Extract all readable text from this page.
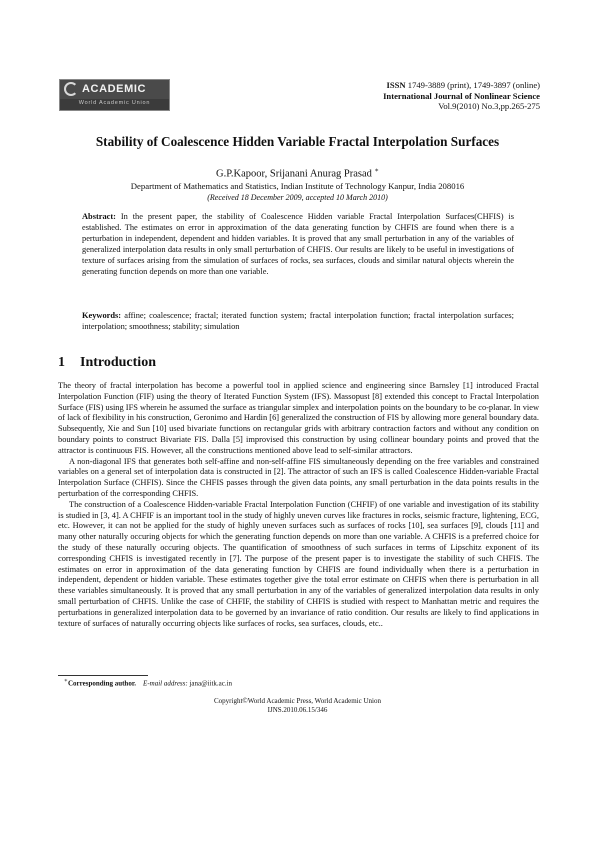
ACADEMIC
World Academic Union
ISSN 1749-3889 (print), 1749-3897 (online)
International Journal of Nonlinear Science
Vol.9(2010) No.3,pp.265-275
Stability of Coalescence Hidden Variable Fractal Interpolation Surfaces
G.P.Kapoor, Srijanani Anurag Prasad ∗
Department of Mathematics and Statistics, Indian Institute of Technology Kanpur, India 208016
(Received 18 December 2009, accepted 10 March 2010)
Abstract: In the present paper, the stability of Coalescence Hidden variable Fractal Interpolation Surfaces(CHFIS) is established. The estimates on error in approximation of the data generating function by CHFIS are found when there is a perturbation in independent, dependent and hidden variables. It is proved that any small perturbation in any of the variables of generalized interpolation data results in only small perturbation of CHFIS. Our results are likely to be useful in investigations of texture of surfaces arising from the simulation of surfaces of rocks, sea surfaces, clouds and similar natural objects wherein the generating function depends on more than one variable.
Keywords: affine; coalescence; fractal; iterated function system; fractal interpolation function; fractal interpolation surfaces; interpolation; smoothness; stability; simulation
1 Introduction

The theory of fractal interpolation has become a powerful tool in applied science and engineering since Barnsley [1] introduced Fractal Interpolation Function (FIF) using the theory of Iterated Function System (IFS). Massopust [8] extended this concept to Fractal Interpolation Surface (FIS) using IFS wherein he assumed the surface as triangular simplex and interpolation points on the boundary to be co-planar. In view of lack of flexibility in his construction, Geronimo and Hardin [6] generalized the construction of FIS by allowing more general boundary data. Subsequently, Xie and Sun [10] used bivariate functions on rectangular grids with arbitrary contraction factors and without any condition on boundary points to construct Bivariate FIS. Dalla [5] improvised this construction by using collinear boundary points and proved that the attractor is continuous FIS. However, all the constructions mentioned above lead to self-similar attractors.

A non-diagonal IFS that generates both self-affine and non-self-affine FIS simultaneously depending on the free variables and constrained variables on a general set of interpolation data is constructed in [2]. The attractor of such an IFS is called Coalescence Hidden-variable Fractal Interpolation Surface (CHFIS). Since the CHFIS passes through the given data points, any small perturbation in the data points results in the perturbation of the corresponding CHFIS.

The construction of a Coalescence Hidden-variable Fractal Interpolation Function (CHFIF) of one variable and investigation of its stability is studied in [3, 4]. A CHFIF is an important tool in the study of highly uneven curves like fractures in rocks, seismic fracture, lightening, ECG, etc. However, it can not be applied for the study of highly uneven surfaces such as surfaces of rocks [10], sea surfaces [9], clouds [11] and many other naturally occuring objects for which the generating function depends on more than one variable. A CHFIS is a preferred choice for the study of these naturally occuring objects. The quantification of smoothness of such surfaces in terms of Lipschitz exponent of its corresponding CHFIS is investigated recently in [7]. The purpose of the present paper is to investigate the stability of such CHFIS. The estimates on error in approximation of the data generating function by CHFIS are found individually when there is a perturbation in independent, dependent or hidden variable. These estimates together give the total error estimate on CHFIS when there is perturbation in all these variables simultaneously. It is proved that any small perturbation in any of the variables of generalized interpolation data results in only small perturbation of CHFIS. Unlike the case of CHFIF, the stability of CHFIS is studied with respect to Manhattan metric and requires the perturbations in generalized interpolation data to be governed by an invariance of ratio condition. Our results are likely to find applications in texture of surfaces of naturally occurring objects like surfaces of rocks, sea surfaces, clouds, etc..

∗Corresponding author. E-mail address: jana@iitk.ac.in
Copyright©World Academic Press, World Academic Union
IJNS.2010.06.15/346
